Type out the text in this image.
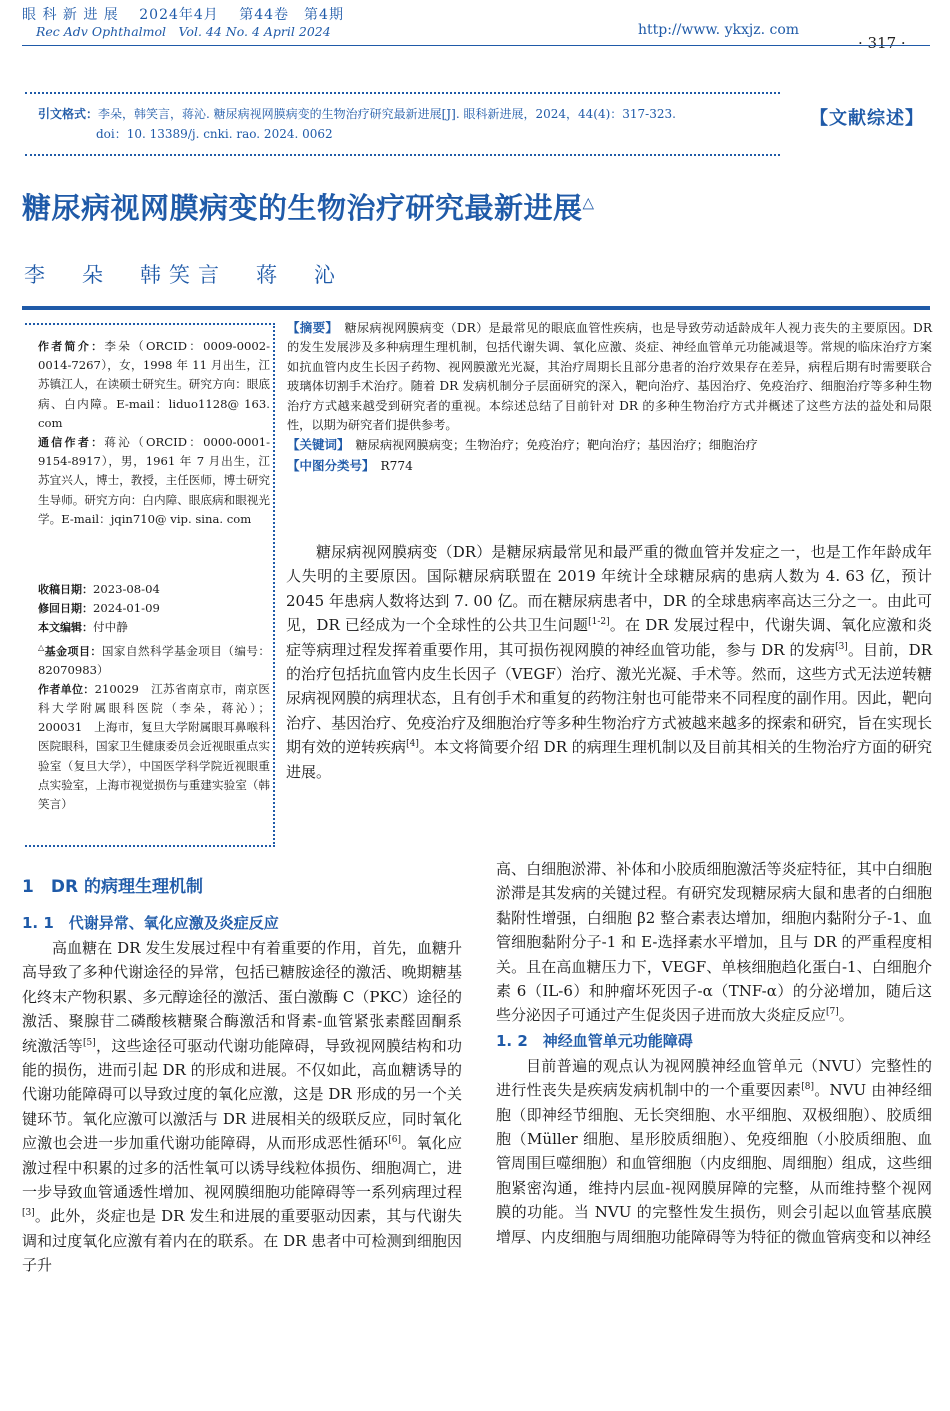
眼 科 新 进 展　 2024年4月　 第44卷　第4期
Rec Adv Ophthalmol　Vol. 44 No. 4 April 2024	http://www. ykxjz. com
· 317 ·
引文格式：李朵，韩笑言，蒋沁. 糖尿病视网膜病变的生物治疗研究最新进展[J]. 眼科新进展，2024，44(4)：317-323.
doi：10. 13389/j. cnki. rao. 2024. 0062
【文献综述】
糖尿病视网膜病变的生物治疗研究最新进展△
李　朵　韩笑言　蒋　沁
作者简介：李朵（ORCID：0009-0002-0014-7267），女，1998 年 11 月出生，江苏镇江人，在读硕士研究生。研究方向：眼底病、白内障。E-mail：liduo1128@ 163. com
通信作者：蒋沁（ORCID：0000-0001-9154-8917），男，1961 年 7 月出生，江苏宜兴人，博士，教授，主任医师，博士研究生导师。研究方向：白内障、眼底病和眼视光学。E-mail：jqin710@ vip. sina. com
收稿日期：2023-08-04
修回日期：2024-01-09
本文编辑：付中静
△基金项目：国家自然科学基金项目（编号：82070983）
作者单位：210029　江苏省南京市，南京医科大学附属眼科医院（李朵，蒋沁）；200031　上海市，复旦大学附属眼耳鼻喉科医院眼科，国家卫生健康委员会近视眼重点实验室（复旦大学），中国医学科学院近视眼重点实验室，上海市视觉损伤与重建实验室（韩笑言）

【摘要】　 糖尿病视网膜病变（DR）是最常见的眼底血管性疾病，也是导致劳动适龄成年人视力丧失的主要原因。DR 的发生发展涉及多种病理生理机制，包括代谢失调、氧化应激、炎症、神经血管单元功能减退等。常规的临床治疗方案如抗血管内皮生长因子药物、视网膜激光光凝，其治疗周期长且部分患者的治疗效果存在差异，病程后期有时需要联合玻璃体切割手术治疗。随着 DR 发病机制分子层面研究的深入，靶向治疗、基因治疗、免疫治疗、细胞治疗等多种生物治疗方式越来越受到研究者的重视。本综述总结了目前针对 DR 的多种生物治疗方式并概述了这些方法的益处和局限性，以期为研究者们提供参考。

【关键词】　 糖尿病视网膜病变；生物治疗；免疫治疗；靶向治疗；基因治疗；细胞治疗

【中图分类号】　 R774

糖尿病视网膜病变（DR）是糖尿病最常见和最严重的微血管并发症之一，也是工作年龄成年人失明的主要原因。国际糖尿病联盟在 2019 年统计全球糖尿病的患病人数为 4. 63 亿，预计 2045 年患病人数将达到 7. 00 亿。而在糖尿病患者中，DR 的全球患病率高达三分之一。由此可见，DR 已经成为一个全球性的公共卫生问题[1-2]。在 DR 发展过程中，代谢失调、氧化应激和炎症等病理过程发挥着重要作用，其可损伤视网膜的神经血管功能，参与 DR 的发病[3]。目前，DR 的治疗包括抗血管内皮生长因子（VEGF）治疗、激光光凝、手术等。然而，这些方式无法逆转糖尿病视网膜的病理状态，且有创手术和重复的药物注射也可能带来不同程度的副作用。因此，靶向治疗、基因治疗、免疫治疗及细胞治疗等多种生物治疗方式被越来越多的探索和研究，旨在实现长期有效的逆转疾病[4]。本文将简要介绍 DR 的病理生理机制以及目前其相关的生物治疗方面的研究进展。
1　DR 的病理生理机制
1. 1　代谢异常、氧化应激及炎症反应

高血糖在 DR 发生发展过程中有着重要的作用，首先，血糖升高导致了多种代谢途径的异常，包括已糖胺途径的激活、晚期糖基化终末产物积累、多元醇途径的激活、蛋白激酶 C（PKC）途径的激活、聚腺苷二磷酸核糖聚合酶激活和肾素-血管紧张素醛固酮系统激活等[5]，这些途径可驱动代谢功能障碍，导致视网膜结构和功能的损伤，进而引起 DR 的形成和进展。不仅如此，高血糖诱导的代谢功能障碍可以导致过度的氧化应激，这是 DR 形成的另一个关键环节。氧化应激可以激活与 DR 进展相关的级联反应，同时氧化应激也会进一步加重代谢功能障碍，从而形成恶性循环[6]。氧化应激过程中积累的过多的活性氧可以诱导线粒体损伤、细胞凋亡，进一步导致血管通透性增加、视网膜细胞功能障碍等一系列病理过程[3]。此外，炎症也是 DR 发生和进展的重要驱动因素，其与代谢失调和过度氧化应激有着内在的联系。在 DR 患者中可检测到细胞因子升

高、白细胞淤滞、补体和小胶质细胞激活等炎症特征，其中白细胞淤滞是其发病的关键过程。有研究发现糖尿病大鼠和患者的白细胞黏附性增强，白细胞 β2 整合素表达增加，细胞内黏附分子-1、血管细胞黏附分子-1 和 E-选择素水平增加，且与 DR 的严重程度相关。且在高血糖压力下，VEGF、单核细胞趋化蛋白-1、白细胞介素 6（IL-6）和肿瘤坏死因子-α（TNF-α）的分泌增加，随后这些分泌因子可通过产生促炎因子进而放大炎症反应[7]。

1. 2　神经血管单元功能障碍

目前普遍的观点认为视网膜神经血管单元（NVU）完整性的进行性丧失是疾病发病机制中的一个重要因素[8]。NVU 由神经细胞（即神经节细胞、无长突细胞、水平细胞、双极细胞）、胶质细胞（Müller 细胞、星形胶质细胞）、免疫细胞（小胶质细胞、血管周围巨噬细胞）和血管细胞（内皮细胞、周细胞）组成，这些细胞紧密沟通，维持内层血-视网膜屏障的完整，从而维持整个视网膜的功能。当 NVU 的完整性发生损伤，则会引起以血管基底膜增厚、内皮细胞与周细胞功能障碍等为特征的微血管病变和以神经
